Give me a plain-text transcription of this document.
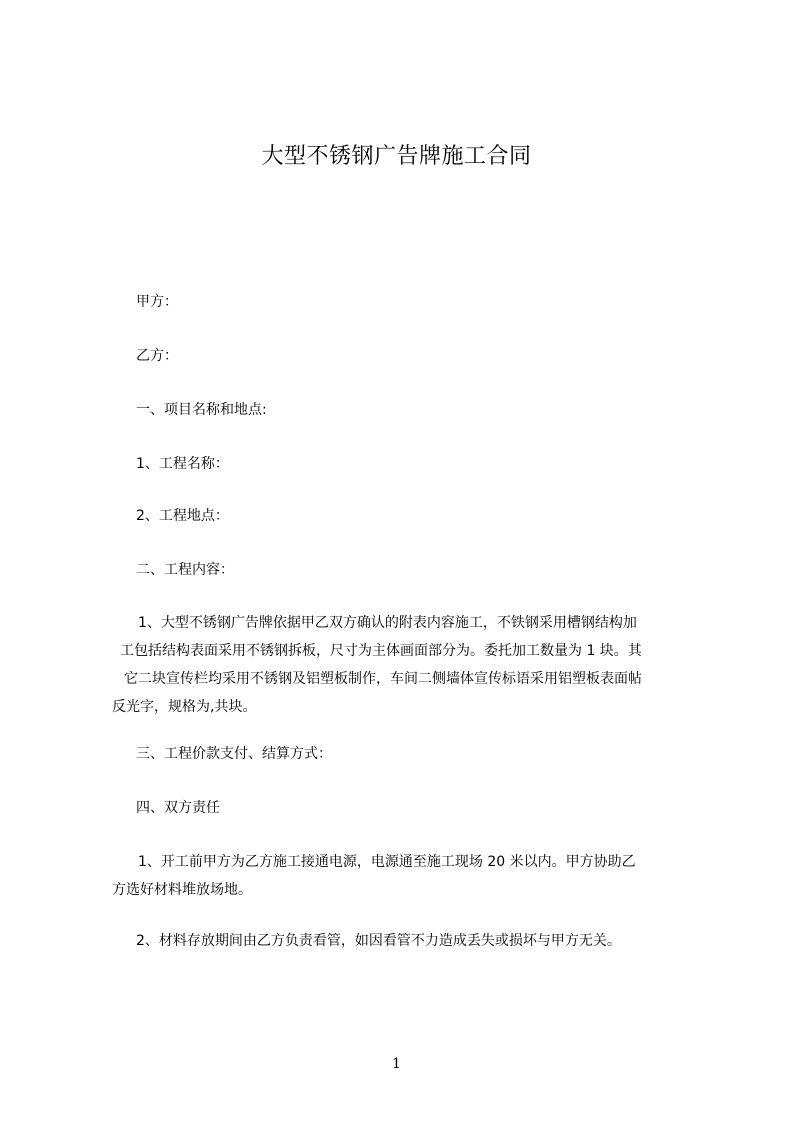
大型不锈钢广告牌施工合同
甲方：
乙方：
一、项目名称和地点:
1、工程名称：
2、工程地点：
二、工程内容：
1、大型不锈钢广告牌依据甲乙双方确认的附表内容施工，不铁钢采用槽钢结构加
工包括结构表面采用不锈钢拆板，尺寸为主体画面部分为。委托加工数量为 1 块。其
它二块宣传栏均采用不锈钢及铝塑板制作，车间二侧墙体宣传标语采用铝塑板表面帖
反光字，规格为,共块。
三、工程价款支付、结算方式：
四、双方责任
1、开工前甲方为乙方施工接通电源，电源通至施工现场 20 米以内。甲方协助乙
方选好材料堆放场地。
2、材料存放期间由乙方负责看管，如因看管不力造成丢失或损坏与甲方无关。
1
